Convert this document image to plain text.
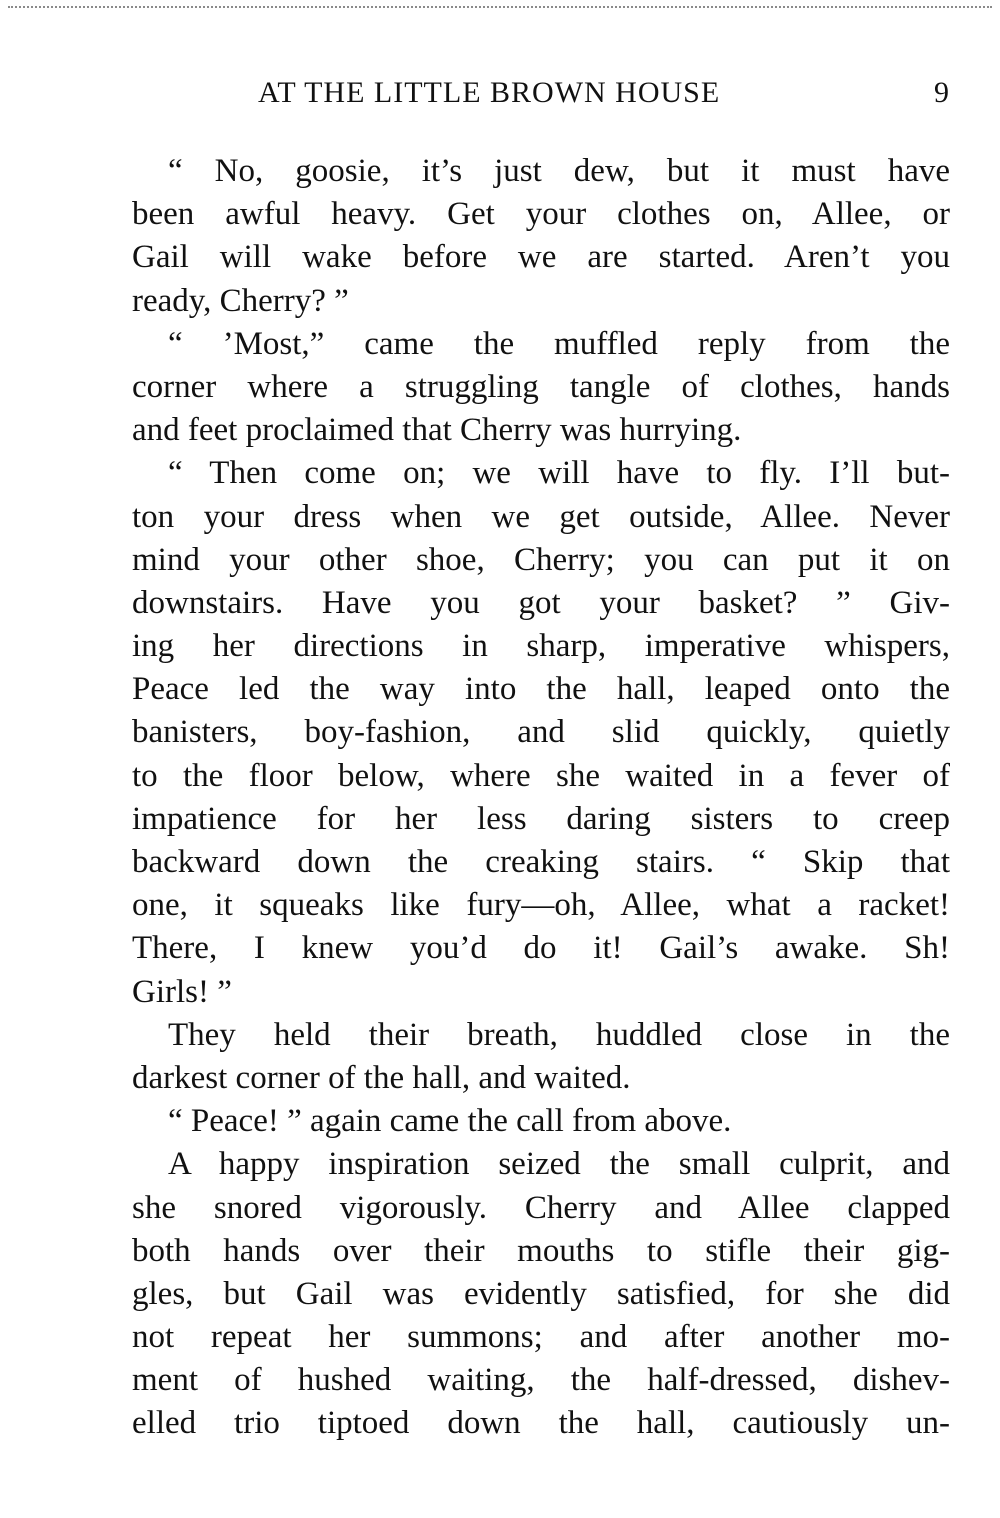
AT THE LITTLE BROWN HOUSE	9
“ No, goosie, it’s just dew, but it must have
been awful heavy. Get your clothes on, Allee, or
Gail will wake before we are started. Aren’t you
ready, Cherry? ”
“ ’Most,” came the muffled reply from the
corner where a struggling tangle of clothes, hands
and feet proclaimed that Cherry was hurrying.
“ Then come on; we will have to fly. I’ll but-
ton your dress when we get outside, Allee. Never
mind your other shoe, Cherry; you can put it on
downstairs. Have you got your basket? ” Giv-
ing her directions in sharp, imperative whispers,
Peace led the way into the hall, leaped onto the
banisters, boy-fashion, and slid quickly, quietly
to the floor below, where she waited in a fever of
impatience for her less daring sisters to creep
backward down the creaking stairs. “ Skip that
one, it squeaks like fury—oh, Allee, what a racket!
There, I knew you’d do it! Gail’s awake. Sh!
Girls! ”
They held their breath, huddled close in the
darkest corner of the hall, and waited.
“ Peace! ” again came the call from above.
A happy inspiration seized the small culprit, and
she snored vigorously. Cherry and Allee clapped
both hands over their mouths to stifle their gig-
gles, but Gail was evidently satisfied, for she did
not repeat her summons; and after another mo-
ment of hushed waiting, the half-dressed, dishev-
elled trio tiptoed down the hall, cautiously un-
